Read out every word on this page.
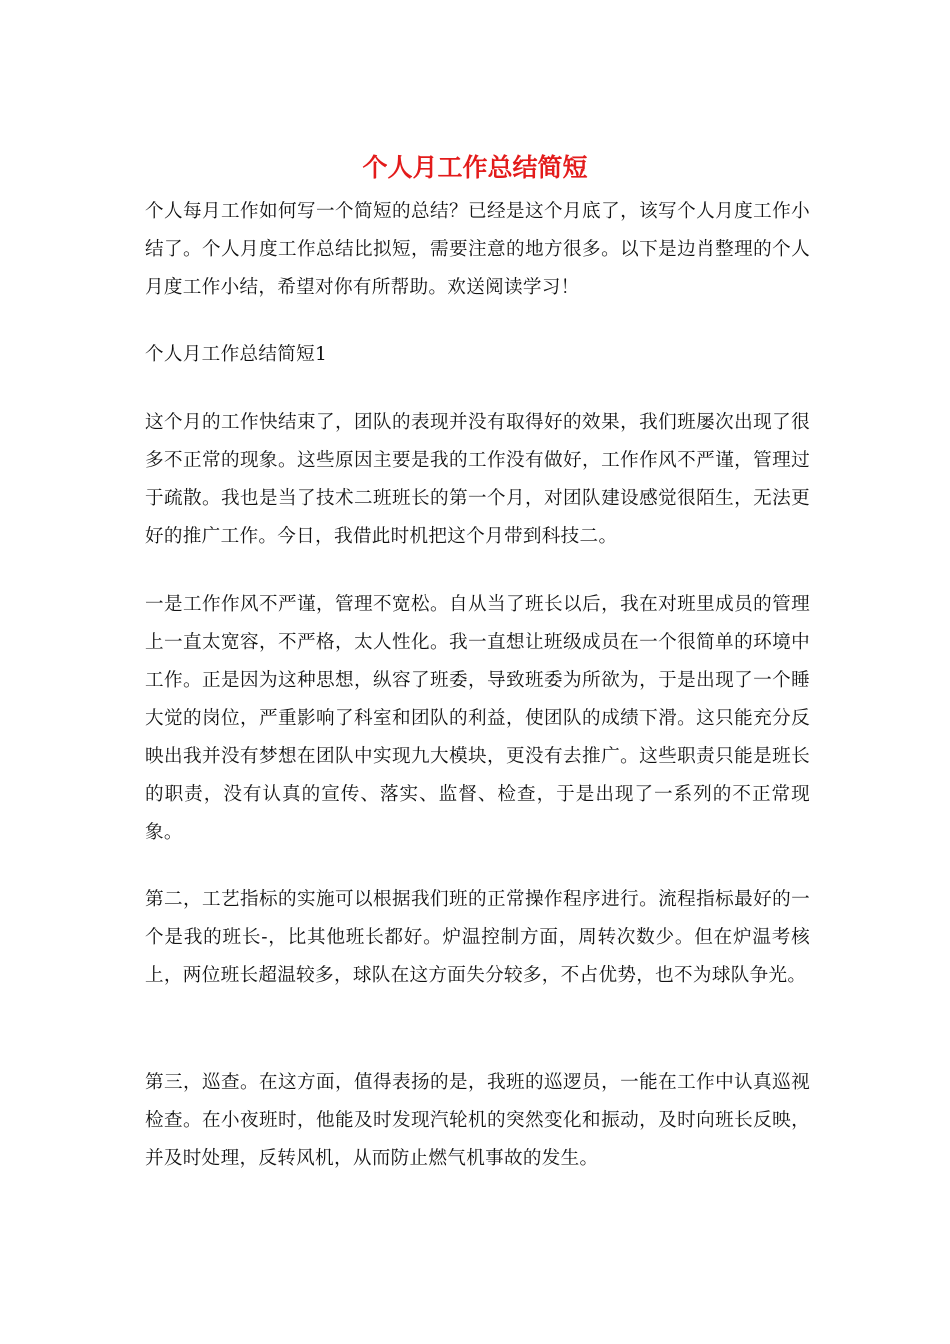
个人月工作总结简短

个人每月工作如何写一个简短的总结？已经是这个月底了，该写个人月度工作小结了。个人月度工作总结比拟短，需要注意的地方很多。以下是边肖整理的个人月度工作小结，希望对你有所帮助。欢送阅读学习！

个人月工作总结简短1

这个月的工作快结束了，团队的表现并没有取得好的效果，我们班屡次出现了很多不正常的现象。这些原因主要是我的工作没有做好，工作作风不严谨，管理过于疏散。我也是当了技术二班班长的第一个月，对团队建设感觉很陌生，无法更好的推广工作。今日，我借此时机把这个月带到科技二。

一是工作作风不严谨，管理不宽松。自从当了班长以后，我在对班里成员的管理上一直太宽容，不严格，太人性化。我一直想让班级成员在一个很简单的环境中工作。正是因为这种思想，纵容了班委，导致班委为所欲为，于是出现了一个睡大觉的岗位，严重影响了科室和团队的利益，使团队的成绩下滑。这只能充分反映出我并没有梦想在团队中实现九大模块，更没有去推广。这些职责只能是班长的职责，没有认真的宣传、落实、监督、检查，于是出现了一系列的不正常现象。

第二，工艺指标的实施可以根据我们班的正常操作程序进行。流程指标最好的一个是我的班长-，比其他班长都好。炉温控制方面，周转次数少。但在炉温考核上，两位班长超温较多，球队在这方面失分较多，不占优势，也不为球队争光。

第三，巡查。在这方面，值得表扬的是，我班的巡逻员，一能在工作中认真巡视检查。在小夜班时，他能及时发现汽轮机的突然变化和振动，及时向班长反映，并及时处理，反转风机，从而防止燃气机事故的发生。
